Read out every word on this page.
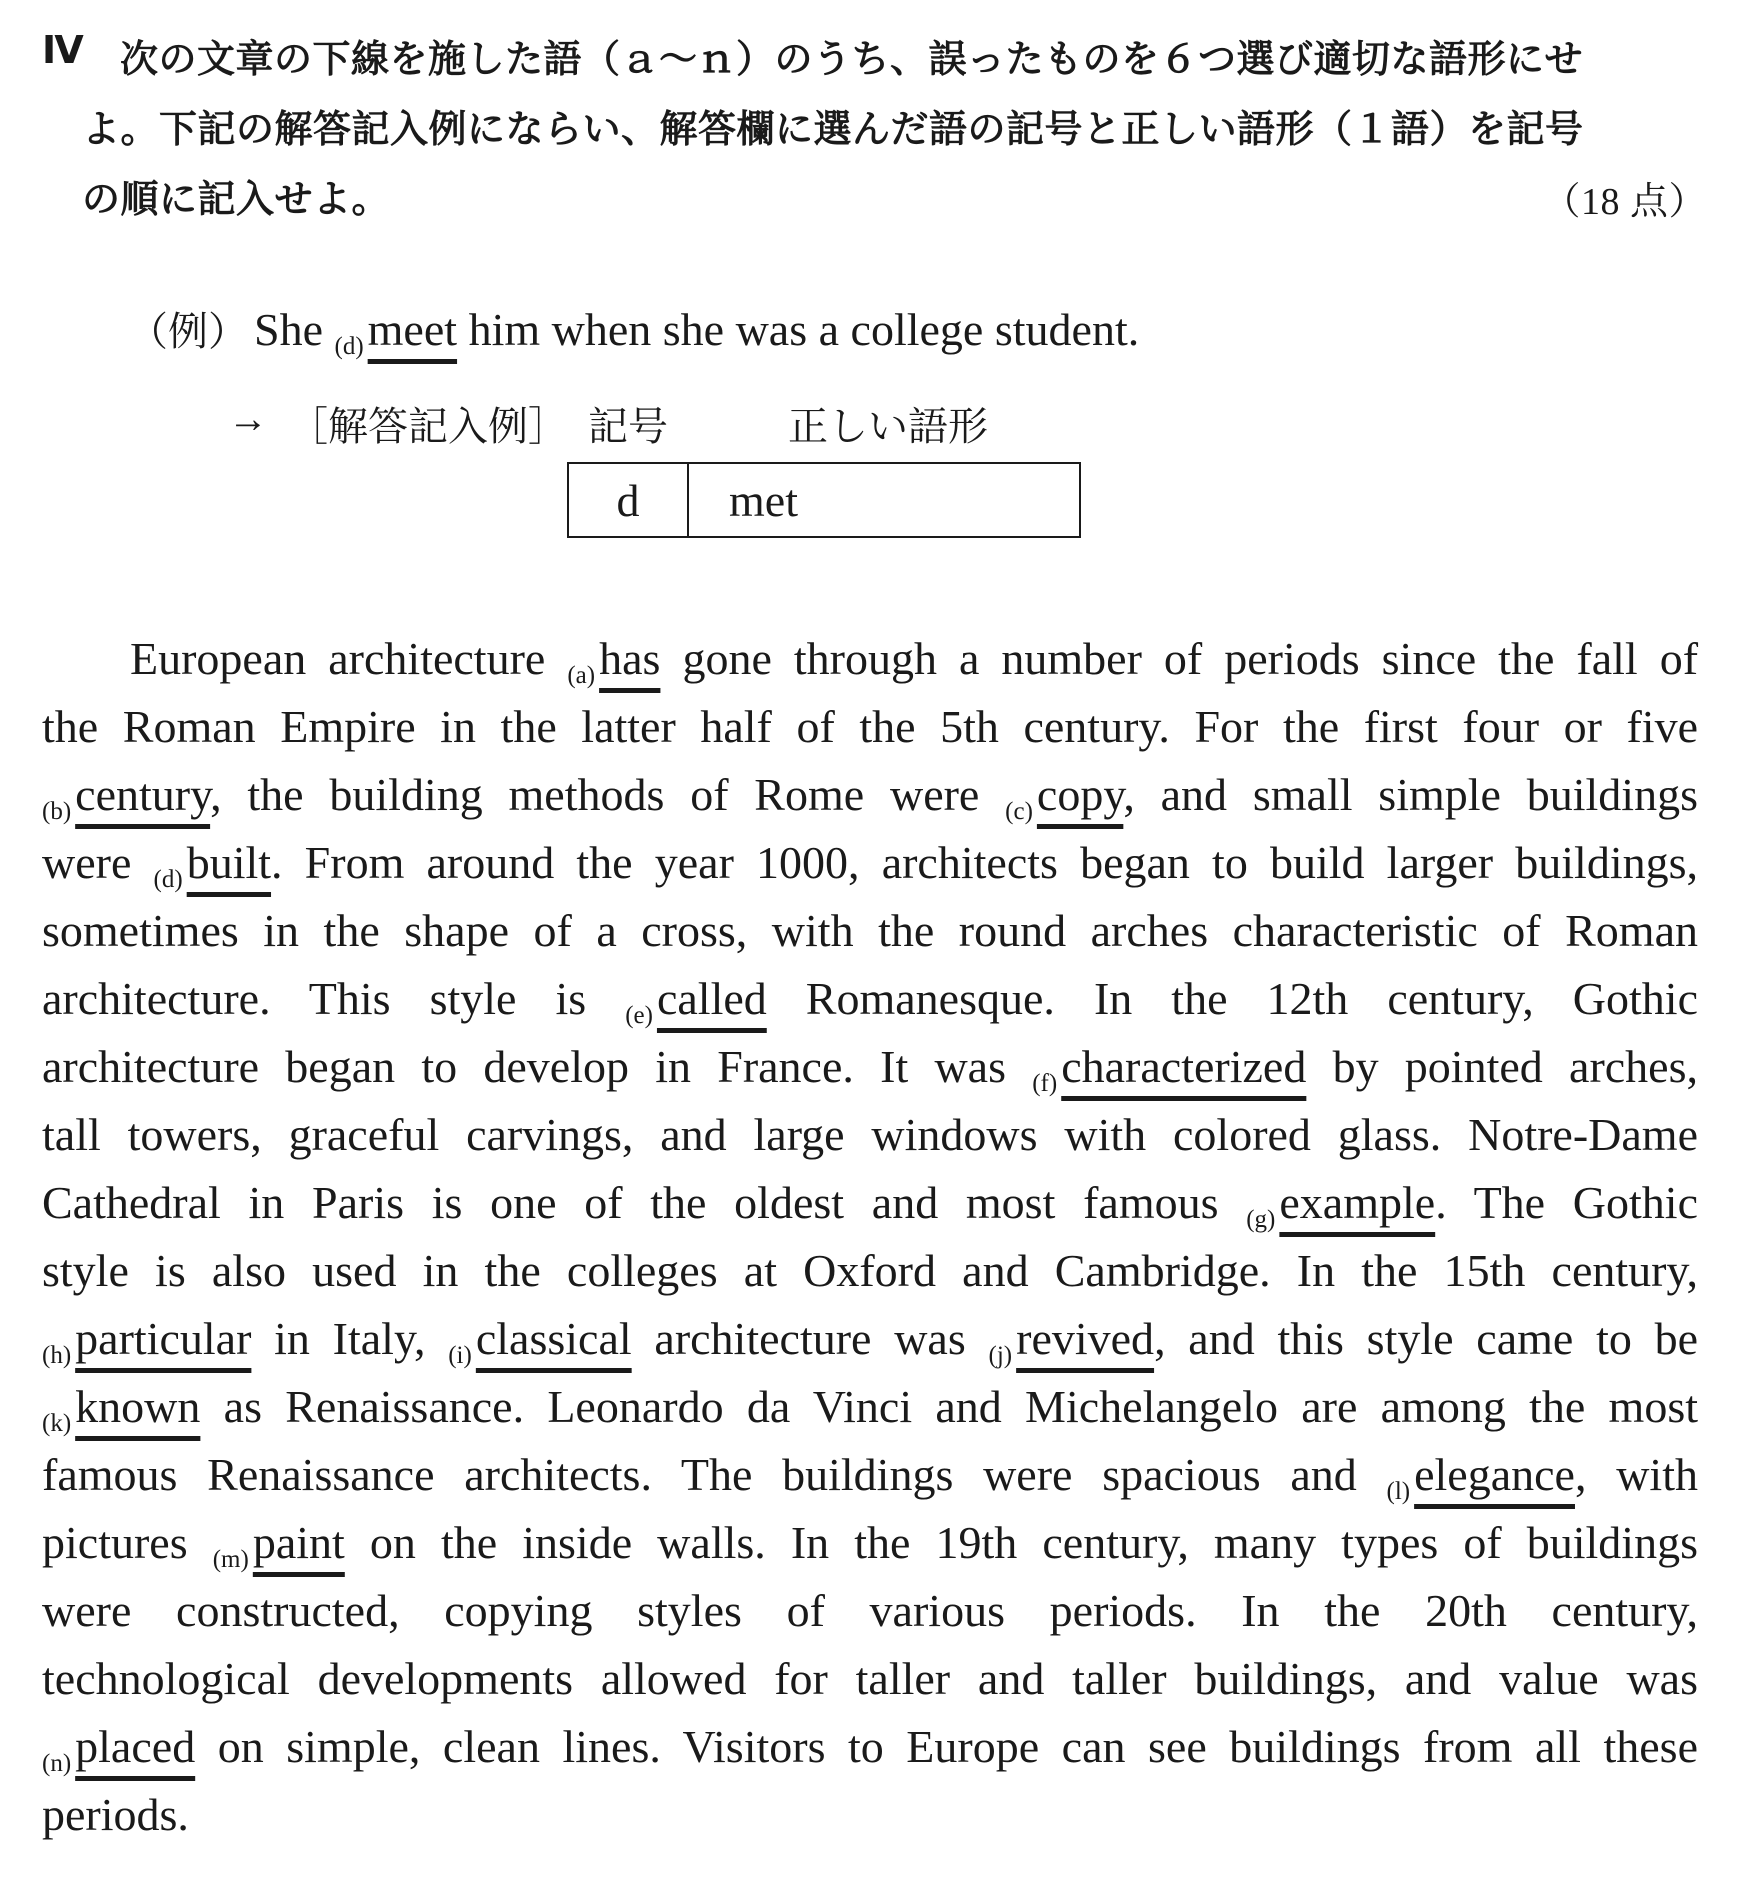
Ⅳ 次の文章の下線を施した語（ａ～ｎ）のうち、誤ったものを６つ選び適切な語形にせ
よ。下記の解答記入例にならい、解答欄に選んだ語の記号と正しい語形（１語）を記号
の順に記入せよ。	（18 点）
（例） She (d)meet him when she was a college student.
→ ［解答記入例］ 記号	正しい語形
d	met
European architecture (a)has gone through a number of periods since the fall of
the Roman Empire in the latter half of the 5th century. For the first four or five
(b)century, the building methods of Rome were (c)copy, and small simple buildings
were (d)built. From around the year 1000, architects began to build larger buildings,
sometimes in the shape of a cross, with the round arches characteristic of Roman
architecture. This style is (e)called Romanesque. In the 12th century, Gothic
architecture began to develop in France. It was (f)characterized by pointed arches,
tall towers, graceful carvings, and large windows with colored glass. Notre-Dame
Cathedral in Paris is one of the oldest and most famous (g)example. The Gothic
style is also used in the colleges at Oxford and Cambridge. In the 15th century,
(h)particular in Italy, (i)classical architecture was (j)revived, and this style came to be
(k)known as Renaissance. Leonardo da Vinci and Michelangelo are among the most
famous Renaissance architects. The buildings were spacious and (l)elegance, with
pictures (m)paint on the inside walls. In the 19th century, many types of buildings
were constructed, copying styles of various periods. In the 20th century,
technological developments allowed for taller and taller buildings, and value was
(n)placed on simple, clean lines. Visitors to Europe can see buildings from all these
periods.
